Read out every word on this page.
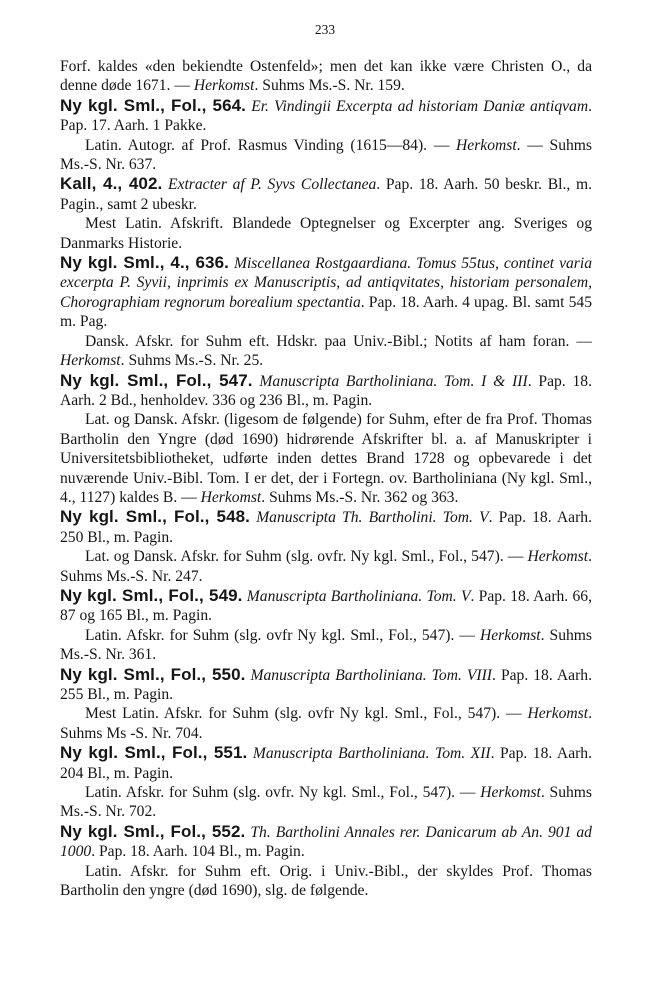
233

Forf. kaldes «den bekiendte Ostenfeld»; men det kan ikke være Christen O., da denne døde 1671. — Herkomst. Suhms Ms.-S. Nr. 159.

Ny kgl. Sml., Fol., 564. Er. Vindingii Excerpta ad historiam Daniæ antiqvam. Pap. 17. Aarh. 1 Pakke.

Latin. Autogr. af Prof. Rasmus Vinding (1615—84). — Herkomst. — Suhms Ms.-S. Nr. 637.

Kall, 4., 402. Extracter af P. Syvs Collectanea. Pap. 18. Aarh. 50 beskr. Bl., m. Pagin., samt 2 ubeskr.

Mest Latin. Afskrift. Blandede Optegnelser og Excerpter ang. Sveriges og Danmarks Historie.

Ny kgl. Sml., 4., 636. Miscellanea Rostgaardiana. Tomus 55tus, continet varia excerpta P. Syvii, inprimis ex Manuscriptis, ad antiqvitates, historiam personalem, Chorographiam regnorum borealium spectantia. Pap. 18. Aarh. 4 upag. Bl. samt 545 m. Pag.

Dansk. Afskr. for Suhm eft. Hdskr. paa Univ.-Bibl.; Notits af ham foran. — Herkomst. Suhms Ms.-S. Nr. 25.

Ny kgl. Sml., Fol., 547. Manuscripta Bartholiniana. Tom. I & III. Pap. 18. Aarh. 2 Bd., henholdev. 336 og 236 Bl., m. Pagin.

Lat. og Dansk. Afskr. (ligesom de følgende) for Suhm, efter de fra Prof. Thomas Bartholin den Yngre (død 1690) hidrørende Afskrifter bl. a. af Manuskripter i Universitetsbibliotheket, udførte inden dettes Brand 1728 og opbevarede i det nuværende Univ.-Bibl. Tom. I er det, der i Fortegn. ov. Bartholiniana (Ny kgl. Sml., 4., 1127) kaldes B. — Herkomst. Suhms Ms.-S. Nr. 362 og 363.

Ny kgl. Sml., Fol., 548. Manuscripta Th. Bartholini. Tom. V. Pap. 18. Aarh. 250 Bl., m. Pagin.

Lat. og Dansk. Afskr. for Suhm (slg. ovfr. Ny kgl. Sml., Fol., 547). — Herkomst. Suhms Ms.-S. Nr. 247.

Ny kgl. Sml., Fol., 549. Manuscripta Bartholiniana. Tom. V. Pap. 18. Aarh. 66, 87 og 165 Bl., m. Pagin.

Latin. Afskr. for Suhm (slg. ovfr Ny kgl. Sml., Fol., 547). — Herkomst. Suhms Ms.-S. Nr. 361.

Ny kgl. Sml., Fol., 550. Manuscripta Bartholiniana. Tom. VIII. Pap. 18. Aarh. 255 Bl., m. Pagin.

Mest Latin. Afskr. for Suhm (slg. ovfr Ny kgl. Sml., Fol., 547). — Herkomst. Suhms Ms -S. Nr. 704.

Ny kgl. Sml., Fol., 551. Manuscripta Bartholiniana. Tom. XII. Pap. 18. Aarh. 204 Bl., m. Pagin.

Latin. Afskr. for Suhm (slg. ovfr. Ny kgl. Sml., Fol., 547). — Herkomst. Suhms Ms.-S. Nr. 702.

Ny kgl. Sml., Fol., 552. Th. Bartholini Annales rer. Danicarum ab An. 901 ad 1000. Pap. 18. Aarh. 104 Bl., m. Pagin.

Latin. Afskr. for Suhm eft. Orig. i Univ.-Bibl., der skyldes Prof. Thomas Bartholin den yngre (død 1690), slg. de følgende.
